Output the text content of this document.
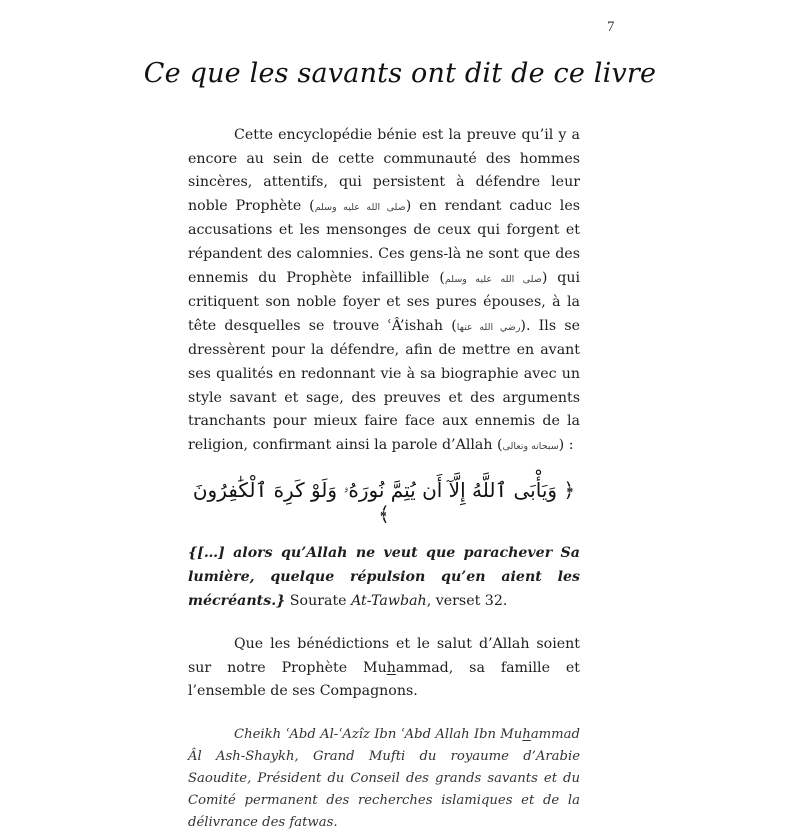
7
Ce que les savants ont dit de ce livre

Cette encyclopédie bénie est la preuve qu’il y a encore au sein de cette communauté des hommes sincères, attentifs, qui persistent à défendre leur noble Prophète (صلى الله عليه وسلم) en rendant caduc les accusations et les mensonges de ceux qui forgent et répandent des calomnies. Ces gens-là ne sont que des ennemis du Prophète infaillible (صلى الله عليه وسلم) qui critiquent son noble foyer et ses pures épouses, à la tête desquelles se trouve ʿÂ’ishah (رضي الله عنها). Ils se dressèrent pour la défendre, afin de mettre en avant ses qualités en redonnant vie à sa biographie avec un style savant et sage, des preuves et des arguments tranchants pour mieux faire face aux ennemis de la religion, confirmant ainsi la parole d’Allah (سبحانه وتعالى) :

﴿ وَيَأْبَى ٱللَّهُ إِلَّآ أَن يُتِمَّ نُورَهُۥ وَلَوْ كَرِهَ ٱلْكَٰفِرُونَ ﴾

{[…] alors qu’Allah ne veut que parachever Sa lumière, quelque répulsion qu’en aient les mécréants.} Sourate At-Tawbah, verset 32.

Que les bénédictions et le salut d’Allah soient sur notre Prophète Muhammad, sa famille et l’ensemble de ses Compagnons.

Cheikh ʿAbd Al-ʿAzîz Ibn ʿAbd Allah Ibn Muhammad Âl Ash-Shaykh, Grand Mufti du royaume d’Arabie Saoudite, Président du Conseil des grands savants et du Comité permanent des recherches islamiques et de la délivrance des fatwas.
